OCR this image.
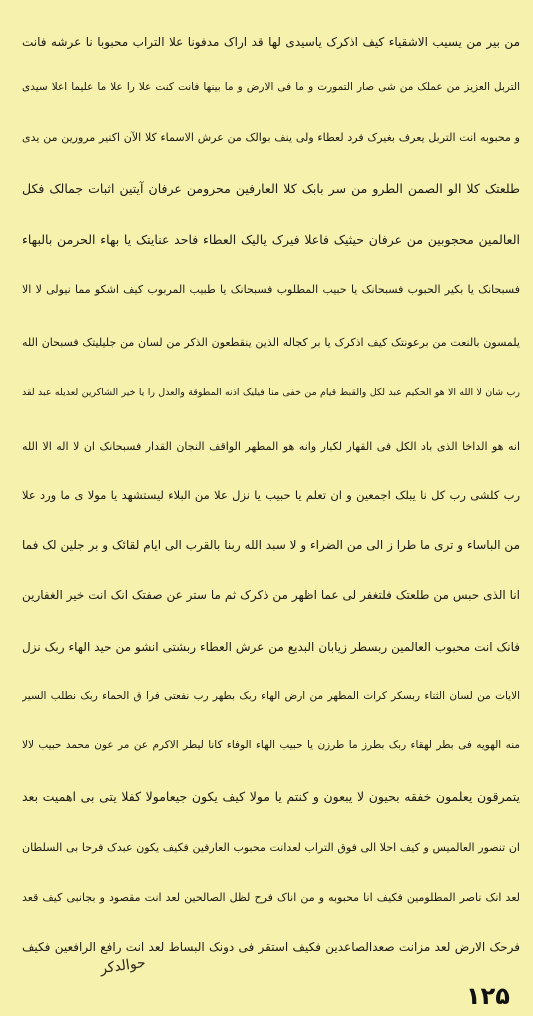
من بیر من یسیب الاشقیاء کیف اذکرک یاسیدی لها قد اراک مدفونا علا التراب محبوبا نا عرشه فانت
التربل العزیز من عملک من شی صار التمورت و ما فی الارض و ما بینها فانت کنت علا را علا ما علیما اعلا سیدی
و محبوبه انت التربل یعرف بغیرک فرد لعطاء ولی ینف بوالک من عرش الاسماء کلا الآن اکنیر مرورین من یدی
طلعتک کلا الو الصمن الطرو من سر بابک کلا العارفین محرومن عرفان آیتین اثبات جمالک فکل
العالمین محجوبین من عرفان حیثیک فاعلا فیرک یالیک العطاء فاحد عنایتک یا بهاء الحرمن بالبهاء
فسبحانک یا بکیر الحبوب فسبحانک یا حبیب المطلوب فسبحانک یا طبیب المربوب کیف اشکو مما نیولی لا الا
یلمسون بالنعت من برعونتک کیف اذکرک یا بر کجاله الذین ینقطعون الذکر من لسان من جلیلیتک فسبحان الله
رب شان لا الله الا هو الحکیم عبد لکل والقبط قیام من خفی منا فیلیک اذنه المطوقة والعدل را یا خیر الشاکرین لعدیله عبد لقد
انه هو الداخا الذی باد الکل فی القهار لکبار وانه هو المطهر الواقف النجان القدار فسبحانک ان لا اله الا الله
رب کلشی رب کل نا یبلک اجمعین و ان تعلم یا حبیب یا نزل علا من البلاء لیستشهد یا مولا ی ما ورد علا
من الباساء و تری ما طرا ز الی من الضراء و لا سبد الله ربنا بالقرب الی ایام لقائک و بر جلین لک فما
انا الذی حبس من طلعتک فلتغفر لی عما اظهر من ذکرک ثم ما ستر عن صفتک انک انت خیر الغفارین
فانک انت محبوب العالمین ربسطر زیابان البدیع من عرش العطاء ربشتی انشو من حید الهاء ربک نزل
الایات من لسان الثناء ربسکر کرات المطهر من ارض الهاء ربک بطهر رب نفعتی فرا ق الحماء ربک نطلب السیر
منه الهویه فی بطر لهقاء ربک بطرز ما طرزن یا حبیب الهاء الوفاء کانا لیطر الاکرم عن مر عون محمد حبیب لالا
یتمرقون یعلمون خفقه بحیون لا یبعون و کنتم یا مولا کیف یکون جیعامولا کفلا یتی بی اهمیت بعد
ان تنصور العالمیس و کیف احلا الی فوق التراب لعدانت محبوب العارفین فکیف یکون عبدک فرحا بی السلطان
لعد انک ناصر المطلومین فکیف انا محبوبه و من اناک فرح لظل الصالحین لعد انت مقصود و بجانبی کیف قعد
فرحک الارض لعد مزانت صعدالصاعدین فکیف استقر فی دونک البساط لعد انت رافع الرافعین فکیف
حوالدکر
۱۲۵
